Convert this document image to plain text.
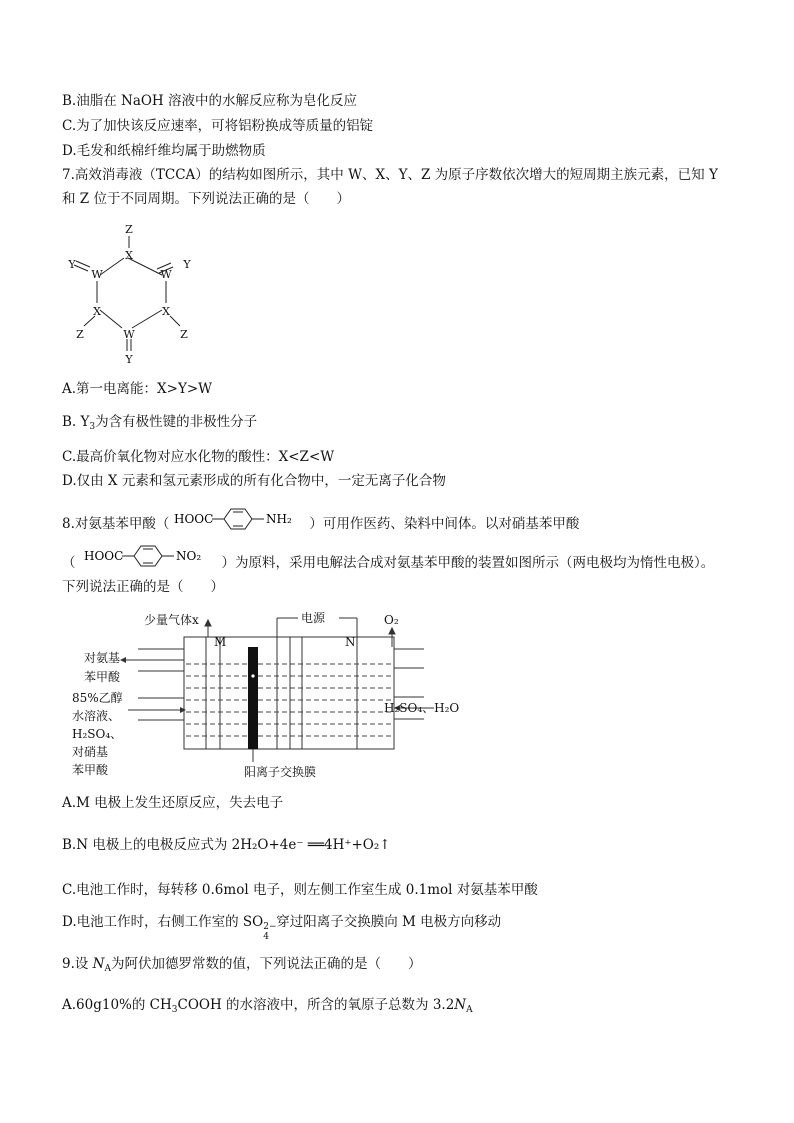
B.油脂在 NaOH 溶液中的水解反应称为皂化反应
C.为了加快该反应速率，可将铝粉换成等质量的铝锭
D.毛发和纸棉纤维均属于助燃物质
7.高效消毒液（TCCA）的结构如图所示，其中 W、X、Y、Z 为原子序数依次增大的短周期主族元素，已知 Y
和 Z 位于不同周期。下列说法正确的是（　　）
Z
X
Y
W	W
Y
X	X
Z	W	Z
Y
A.第一电离能：X>Y>W
B. $Y_3$为含有极性键的非极性分子
C.最高价氧化物对应水化物的酸性：X<Z<W
D.仅由 X 元素和氢元素形成的所有化合物中，一定无离子化合物
8.对氨基苯甲酸（	）可用作医药、染料中间体。以对硝基苯甲酸
HOOC	NH₂
（	）为原料，采用电解法合成对氨基苯甲酸的装置如图所示（两电极均为惰性电极）。
HOOC	NO₂
下列说法正确的是（　　）
少量气体x	电源
M	N
O₂
对氨基
苯甲酸
85%乙醇
水溶液、
H₂SO₄、
对硝基
苯甲酸
H₂SO₄、H₂O
阳离子交换膜
A.M 电极上发生还原反应，失去电子
B.N 电极上的电极反应式为 2H₂O+4e⁻ ══4H⁺+O₂↑
C.电池工作时，每转移 0.6mol 电子，则左侧工作室生成 0.1mol 对氨基苯甲酸
D.电池工作时，右侧工作室的 SO 2−
4
穿过阳离子交换膜向 M 电极方向移动
9.设 $N_A$为阿伏加德罗常数的值，下列说法正确的是（　　）
A.60g10%的 $CH_3COOH$ 的水溶液中，所含的氧原子总数为 $3.2N_A$
